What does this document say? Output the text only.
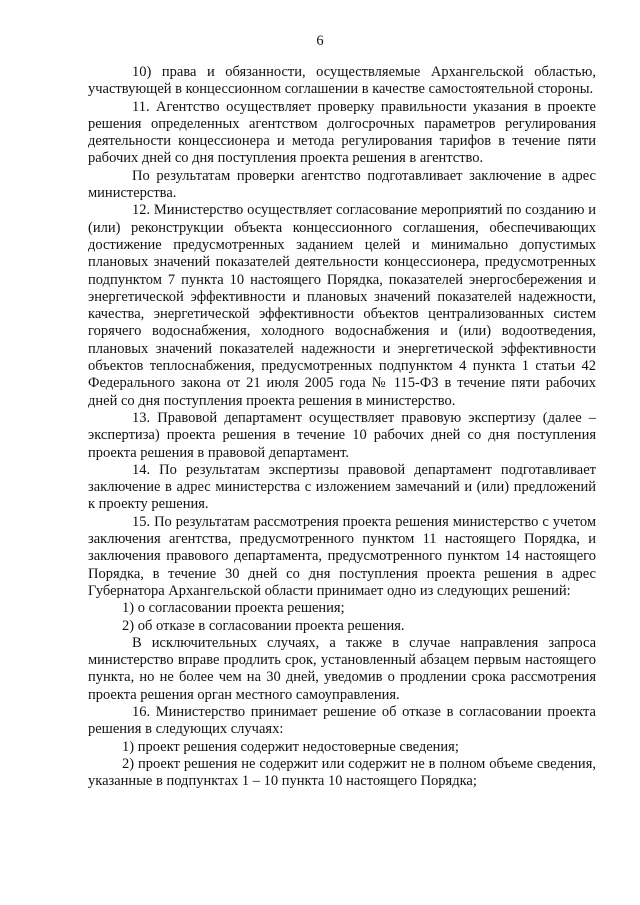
6

10) права и обязанности, осуществляемые Архангельской областью, участвующей в концессионном соглашении в качестве самостоятельной стороны.

11. Агентство осуществляет проверку правильности указания в проекте решения определенных агентством долгосрочных параметров регулирования деятельности концессионера и метода регулирования тарифов в течение пяти рабочих дней со дня поступления проекта решения в агентство.

По результатам проверки агентство подготавливает заключение в адрес министерства.

12. Министерство осуществляет согласование мероприятий по созданию и (или) реконструкции объекта концессионного соглашения, обеспечивающих достижение предусмотренных заданием целей и минимально допустимых плановых значений показателей деятельности концессионера, предусмотренных подпунктом 7 пункта 10 настоящего Порядка, показателей энергосбережения и энергетической эффективности и плановых значений показателей надежности, качества, энергетической эффективности объектов централизованных систем горячего водоснабжения, холодного водоснабжения и (или) водоотведения, плановых значений показателей надежности и энергетической эффективности объектов теплоснабжения, предусмотренных подпунктом 4 пункта 1 статьи 42 Федерального закона от 21 июля 2005 года № 115-ФЗ в течение пяти рабочих дней со дня поступления проекта решения в министерство.

13. Правовой департамент осуществляет правовую экспертизу (далее – экспертиза) проекта решения в течение 10 рабочих дней со дня поступления проекта решения в правовой департамент.

14. По результатам экспертизы правовой департамент подготавливает заключение в адрес министерства с изложением замечаний и (или) предложений к проекту решения.

15. По результатам рассмотрения проекта решения министерство с учетом заключения агентства, предусмотренного пунктом 11 настоящего Порядка, и заключения правового департамента, предусмотренного пунктом 14 настоящего Порядка, в течение 30 дней со дня поступления проекта решения в адрес Губернатора Архангельской области принимает одно из следующих решений:

1) о согласовании проекта решения;

2) об отказе в согласовании проекта решения.

В исключительных случаях, а также в случае направления запроса министерство вправе продлить срок, установленный абзацем первым настоящего пункта, но не более чем на 30 дней, уведомив о продлении срока рассмотрения проекта решения орган местного самоуправления.

16. Министерство принимает решение об отказе в согласовании проекта решения в следующих случаях:

1) проект решения содержит недостоверные сведения;

2) проект решения не содержит или содержит не в полном объеме сведения, указанные в подпунктах 1 – 10 пункта 10 настоящего Порядка;
